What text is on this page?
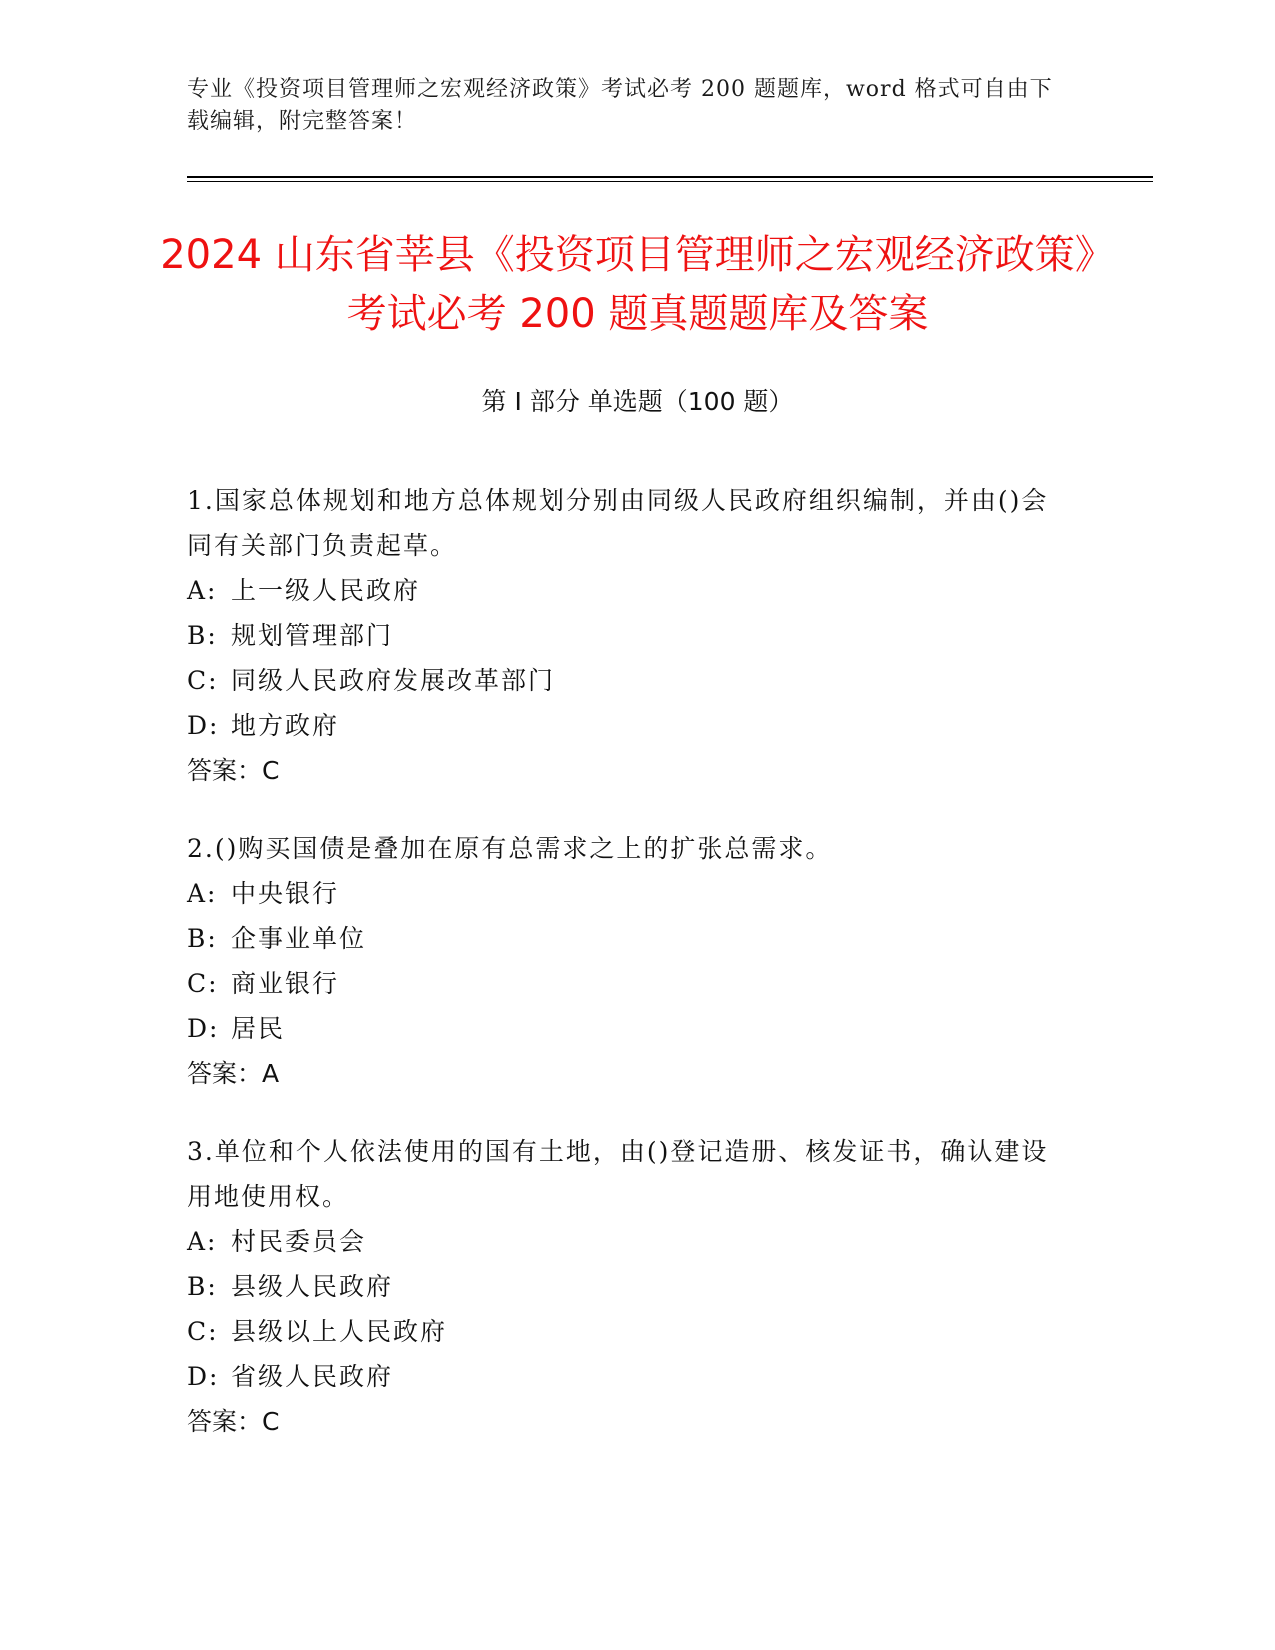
专业《投资项目管理师之宏观经济政策》考试必考 200 题题库，word 格式可自由下载编辑，附完整答案！
2024 山东省莘县《投资项目管理师之宏观经济政策》考试必考 200 题真题题库及答案
第 I 部分 单选题（100 题）

1.国家总体规划和地方总体规划分别由同级人民政府组织编制，并由()会同有关部门负责起草。

A: 上一级人民政府

B: 规划管理部门

C: 同级人民政府发展改革部门

D: 地方政府

答案：C

2.()购买国债是叠加在原有总需求之上的扩张总需求。

A: 中央银行

B: 企事业单位

C: 商业银行

D: 居民

答案：A

3.单位和个人依法使用的国有土地，由()登记造册、核发证书，确认建设用地使用权。

A: 村民委员会

B: 县级人民政府

C: 县级以上人民政府

D: 省级人民政府

答案：C
